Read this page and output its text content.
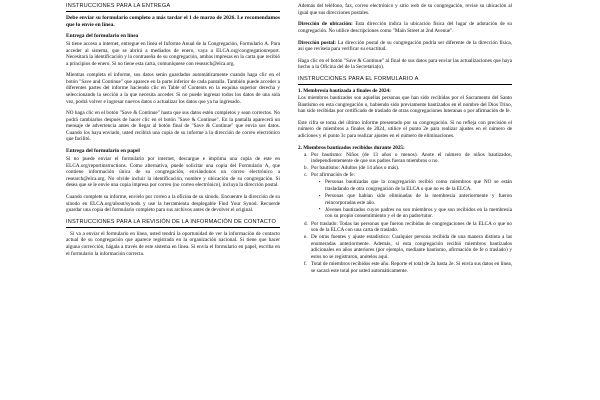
INSTRUCCIONES PARA LA ENTREGA
Debe enviar su formulario completo a más tardar el 1 de marzo de 2026. Le recomendamos que lo envíe en línea.
Entrega del formulario en línea

Si tiene acceso a internet, entregue en línea el Informe Anual de la Congregación, Formulario A. Para acceder al sistema, que se abrirá a mediados de enero, vaya a ELCA.org/congregationreport. Necesitará la identificación y la contraseña de su congregación, ambas impresas en la carta que recibió a principios de enero. Si no tiene esta carta, comuníquese con research@elca.org.

Mientras completa el informe, sus datos serán guardados automáticamente cuando haga clic en el botón "Save and Continue" que aparece en la parte inferior de cada pantalla. También puede acceder a diferentes partes del informe haciendo clic en Table of Contents en la esquina superior derecha y seleccionando la sección a la que necesita acceder. Si no puede ingresar todos los datos de una sola vez, podrá volver e ingresar nuevos datos o actualizar los datos que ya ha ingresado.

NO haga clic en el botón "Save & Continue" hasta que sus datos estén completos y sean correctos. No podrá cambiarlos después de hacer clic en el botón "Save & Continue". En la pantalla aparecerá un mensaje de advertencia antes de llegar al botón final de "Save & Continue" que envía sus datos. Cuando los haya enviado, usted recibirá una copia de su informe a la dirección de correo electrónico que facilitó.

Entrega del formulario en papel

Si no puede enviar el formulario por internet, descargue e imprima una copia de este en ELCA.org/reportinstructions. Como alternativa, puede solicitar una copia del Formulario A, que contiene información única de su congregación, enviándonos un correo electrónico a research@elca.org. No olvide incluir la identificación, nombre y ubicación de su congregación. Si desea que se le envíe una copia impresa por correo (no correo electrónico), incluya la dirección postal.

Cuando complete su informe, envíelo por correo a la oficina de su sínodo. Encuentre la dirección de su sínodo en ELCA.org/about/synods y use la herramienta desplegable Find Your Synod. Recuerde guardar una copia del formulario completo para sus archivos antes de devolver el original.

INSTRUCCIONES PARA LA REVISIÓN DE LA INFORMACIÓN DE CONTACTO

Si va a enviar el formulario en línea, usted tendrá la oportunidad de ver la información de contacto actual de su congregación que aparece registrada en la organización nacional. Si tiene que hacer alguna corrección, hágala a través de este sistema en línea. Si envía el formulario en papel, escriba en el formulario la información correcta.

Además del teléfono, fax, correo electrónico y sitio web de su congregación, revise su ubicación al igual que sus direcciones postales.

Dirección de ubicación: Esta dirección indica la ubicación física del lugar de adoración de su congregación. No utilice descripciones como "Main Street at 2nd Avenue".

Dirección postal: La dirección postal de su congregación podría ser diferente de la dirección física, así que revísela para verificar su exactitud.

Haga clic en el botón "Save & Continue" al final de sus datos para enviar las actualizaciones que haya hecho a la Oficina del de la Secretaria(o).

INSTRUCCIONES PARA EL FORMULARIO A
1. Membresía bautizada a finales de 2024:

Los miembros bautizados son aquellas personas que han sido recibidas por el Sacramento del Santo Bautismo en esta congregación o, habiendo sido previamente bautizados en el nombre del Dios Trino, han sido recibidas por certificado de traslado de otras congregaciones luteranas o por afirmación de fe.

Este cifra se toma del último informe presentado por su congregación. Si no refleja con precisión el número de miembros a finales de 2024, utilice el punto 2e para realizar ajustes en el número de adiciones y el punto 3c para realizar ajustes en el número de eliminaciones.

2. Miembros bautizados recibidos durante 2025:
a. Por bautismo: Niños (de 13 años o menos). Anote el número de niños bautizados, independientemente de que sus padres fueran miembros o no.
b. Por bautismo: Adultos (de 14 años o más).
c. Por afirmación de fe:
▪ Personas bautizadas que la congregación recibió como miembros que NO se están trasladando de otra congregación de la ELCA o que no es de la ELCA.
▪ Personas que habían sido eliminadas de la membresía anteriormente y fueron reincorporadas este año.
▪ Jóvenes bautizados cuyos padres no son miembros y que son recibidos en la membresía con su propio consentimiento y el de un padre/tutor.
d. Por traslado: Todas las personas que fueron recibidas de congregaciones de la ELCA o que no son de la ELCA con una carta de traslado.
e. De otras fuentes y ajuste estadístico: Cualquier persona recibida de una manera distinta a las enumeradas anteriormente. Además, si esta congregación recibió miembros bautizados adicionales en años anteriores (por ejemplo, mediante bautismo, afirmación de fe o traslado) y estos no se registraron, anótelos aquí.
f. Total de miembros recibidos este año. Reporte el total de 2a hasta 2e. Si envía sus datos en línea, se sacará este total por usted automáticamente.
